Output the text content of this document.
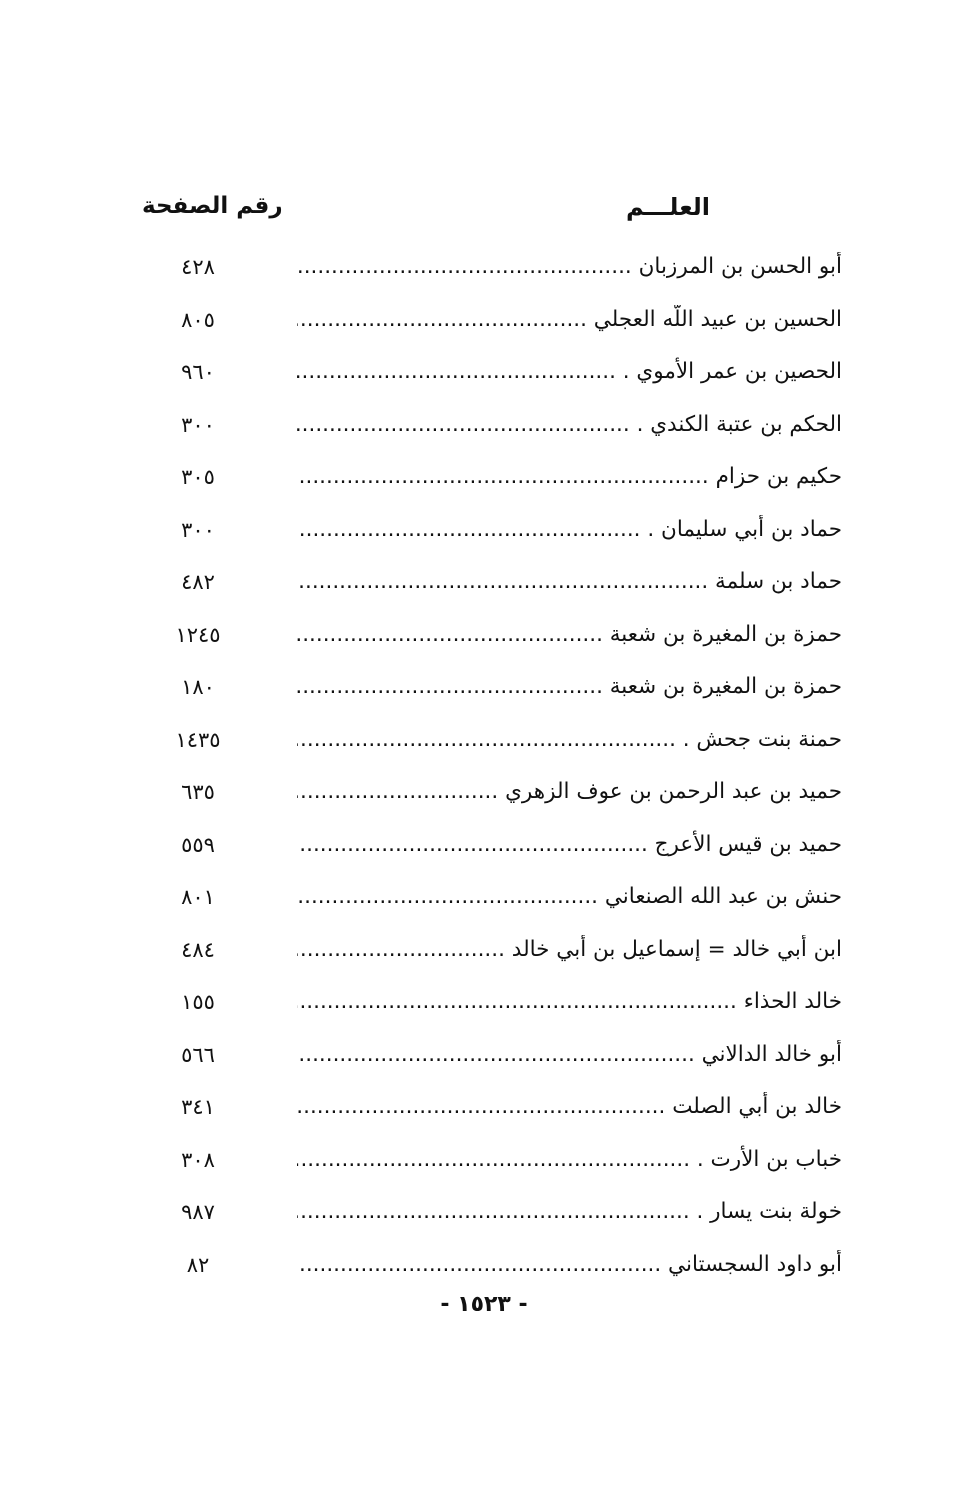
العلـــم
رقم الصفحة
أبو الحسن بن المرزبان .....
٤٢٨
الحسين بن عبيد اللّه العجلي .....
٨٠٥
الحصين بن عمر الأموي . .....
٩٦٠
الحكم بن عتبة الكندي . .....
٣٠٠
حكيم بن حزام .....
٣٠٥
حماد بن أبي سليمان . .....
٣٠٠
حماد بن سلمة .....
٤٨٢
حمزة بن المغيرة بن شعبة .....
١٢٤٥
حمزة بن المغيرة بن شعبة .....
١٨٠
حمنة بنت جحش . .....
١٤٣٥
حميد بن عبد الرحمن بن عوف الزهري .....
٦٣٥
حميد بن قيس الأعرج .....
٥٥٩
حنش بن عبد الله الصنعاني .....
٨٠١
ابن أبي خالد = إسماعيل بن أبي خالد .....
٤٨٤
خالد الحذاء .....
١٥٥
أبو خالد الدالاني .....
٥٦٦
خالد بن أبي الصلت .....
٣٤١
خباب بن الأرت . .....
٣٠٨
خولة بنت يسار . .....
٩٨٧
أبو داود السجستاني .....
٨٢
- ١٥٢٣ -
